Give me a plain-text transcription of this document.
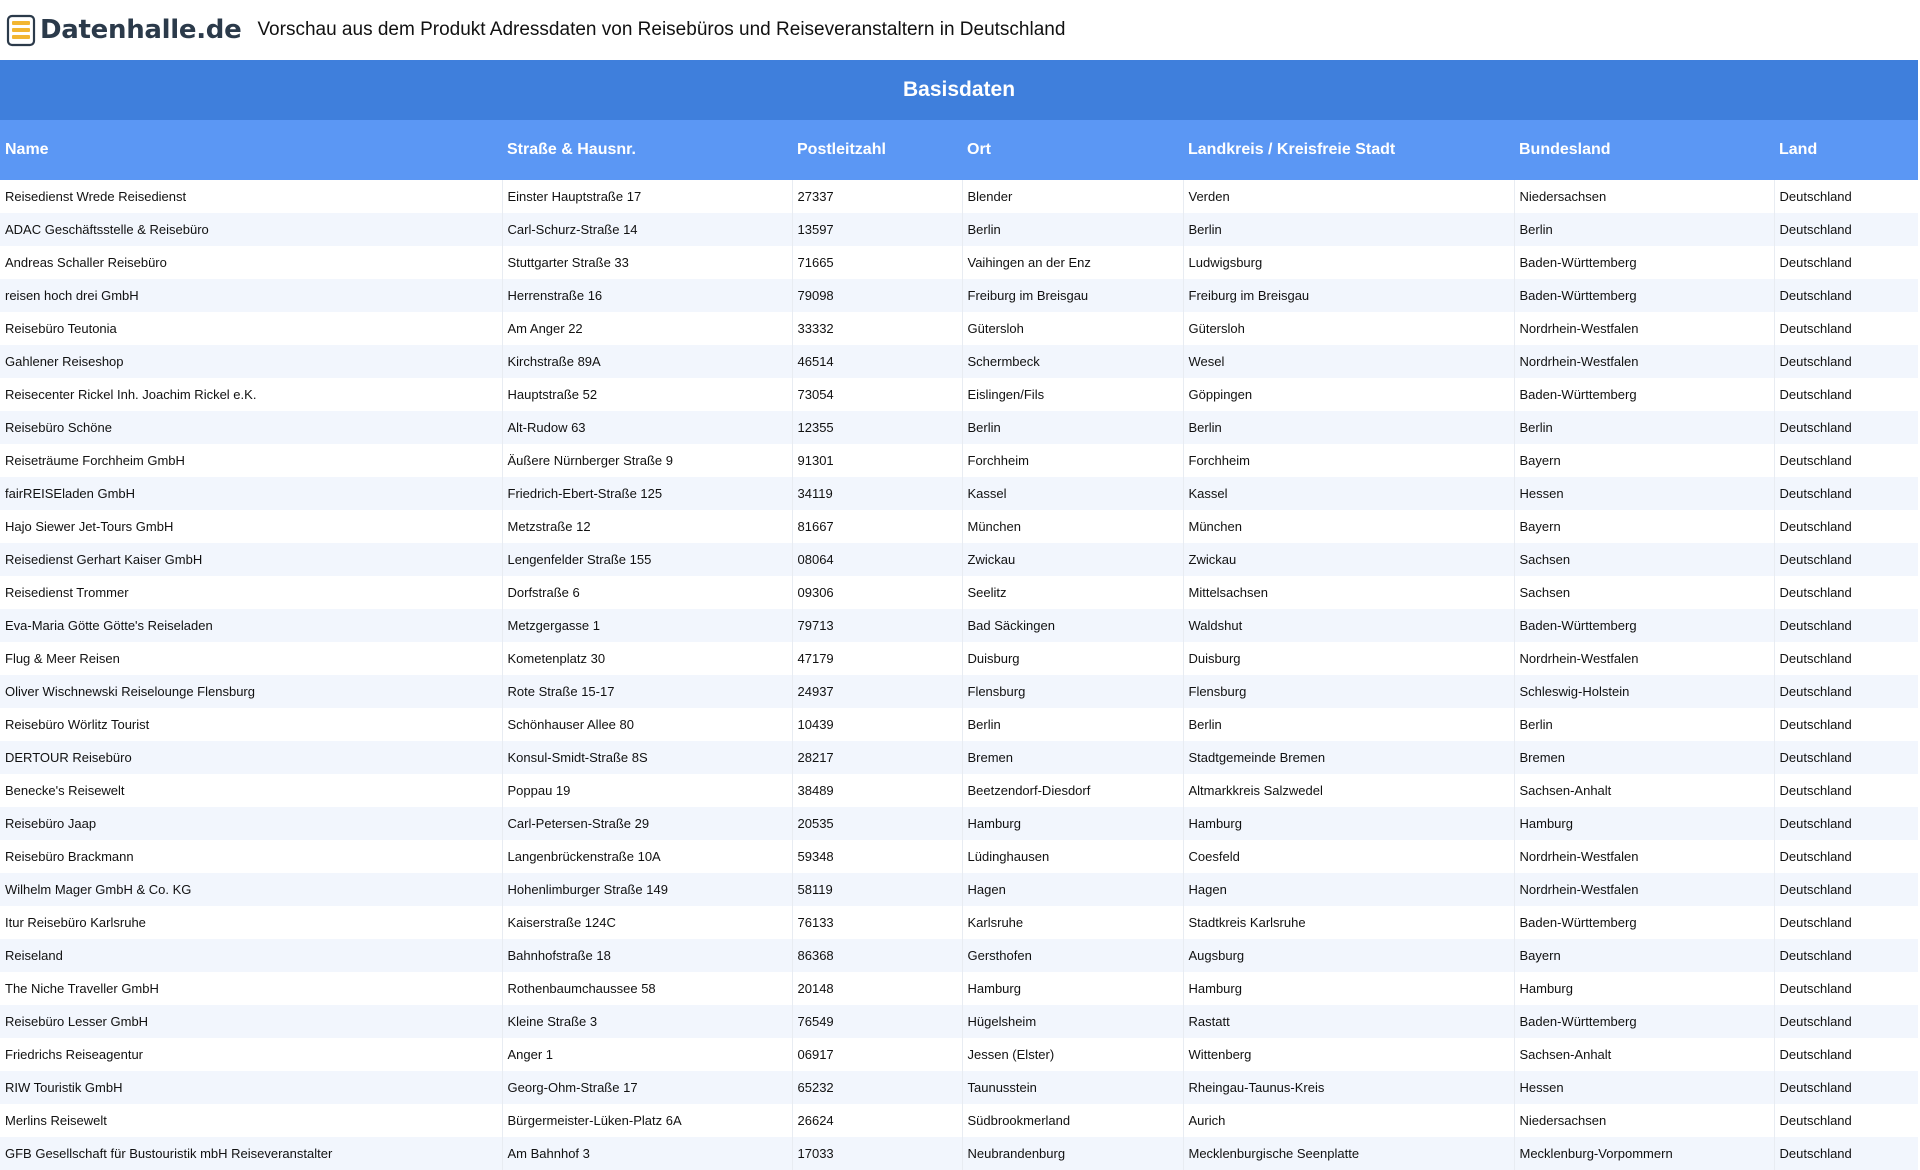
Datenhalle.de Vorschau aus dem Produkt Adressdaten von Reisebüros und Reiseveranstaltern in Deutschland
Basisdaten						
Name	Straße & Hausnr.	Postleitzahl	Ort	Landkreis / Kreisfreie Stadt	Bundesland	Land
Reisedienst Wrede Reisedienst	Einster Hauptstraße 17	27337	Blender	Verden	Niedersachsen	Deutschland
ADAC Geschäftsstelle & Reisebüro	Carl-Schurz-Straße 14	13597	Berlin	Berlin	Berlin	Deutschland
Andreas Schaller Reisebüro	Stuttgarter Straße 33	71665	Vaihingen an der Enz	Ludwigsburg	Baden-Württemberg	Deutschland
reisen hoch drei GmbH	Herrenstraße 16	79098	Freiburg im Breisgau	Freiburg im Breisgau	Baden-Württemberg	Deutschland
Reisebüro Teutonia	Am Anger 22	33332	Gütersloh	Gütersloh	Nordrhein-Westfalen	Deutschland
Gahlener Reiseshop	Kirchstraße 89A	46514	Schermbeck	Wesel	Nordrhein-Westfalen	Deutschland
Reisecenter Rickel Inh. Joachim Rickel e.K.	Hauptstraße 52	73054	Eislingen/Fils	Göppingen	Baden-Württemberg	Deutschland
Reisebüro Schöne	Alt-Rudow 63	12355	Berlin	Berlin	Berlin	Deutschland
Reiseträume Forchheim GmbH	Äußere Nürnberger Straße 9	91301	Forchheim	Forchheim	Bayern	Deutschland
fairREISEladen GmbH	Friedrich-Ebert-Straße 125	34119	Kassel	Kassel	Hessen	Deutschland
Hajo Siewer Jet-Tours GmbH	Metzstraße 12	81667	München	München	Bayern	Deutschland
Reisedienst Gerhart Kaiser GmbH	Lengenfelder Straße 155	08064	Zwickau	Zwickau	Sachsen	Deutschland
Reisedienst Trommer	Dorfstraße 6	09306	Seelitz	Mittelsachsen	Sachsen	Deutschland
Eva-Maria Götte Götte's Reiseladen	Metzgergasse 1	79713	Bad Säckingen	Waldshut	Baden-Württemberg	Deutschland
Flug & Meer Reisen	Kometenplatz 30	47179	Duisburg	Duisburg	Nordrhein-Westfalen	Deutschland
Oliver Wischnewski Reiselounge Flensburg	Rote Straße 15-17	24937	Flensburg	Flensburg	Schleswig-Holstein	Deutschland
Reisebüro Wörlitz Tourist	Schönhauser Allee 80	10439	Berlin	Berlin	Berlin	Deutschland
DERTOUR Reisebüro	Konsul-Smidt-Straße 8S	28217	Bremen	Stadtgemeinde Bremen	Bremen	Deutschland
Benecke's Reisewelt	Poppau 19	38489	Beetzendorf-Diesdorf	Altmarkkreis Salzwedel	Sachsen-Anhalt	Deutschland
Reisebüro Jaap	Carl-Petersen-Straße 29	20535	Hamburg	Hamburg	Hamburg	Deutschland
Reisebüro Brackmann	Langenbrückenstraße 10A	59348	Lüdinghausen	Coesfeld	Nordrhein-Westfalen	Deutschland
Wilhelm Mager GmbH & Co. KG	Hohenlimburger Straße 149	58119	Hagen	Hagen	Nordrhein-Westfalen	Deutschland
Itur Reisebüro Karlsruhe	Kaiserstraße 124C	76133	Karlsruhe	Stadtkreis Karlsruhe	Baden-Württemberg	Deutschland
Reiseland	Bahnhofstraße 18	86368	Gersthofen	Augsburg	Bayern	Deutschland
The Niche Traveller GmbH	Rothenbaumchaussee 58	20148	Hamburg	Hamburg	Hamburg	Deutschland
Reisebüro Lesser GmbH	Kleine Straße 3	76549	Hügelsheim	Rastatt	Baden-Württemberg	Deutschland
Friedrichs Reiseagentur	Anger 1	06917	Jessen (Elster)	Wittenberg	Sachsen-Anhalt	Deutschland
RIW Touristik GmbH	Georg-Ohm-Straße 17	65232	Taunusstein	Rheingau-Taunus-Kreis	Hessen	Deutschland
Merlins Reisewelt	Bürgermeister-Lüken-Platz 6A	26624	Südbrookmerland	Aurich	Niedersachsen	Deutschland
GFB Gesellschaft für Bustouristik mbH Reiseveranstalter	Am Bahnhof 3	17033	Neubrandenburg	Mecklenburgische Seenplatte	Mecklenburg-Vorpommern	Deutschland
